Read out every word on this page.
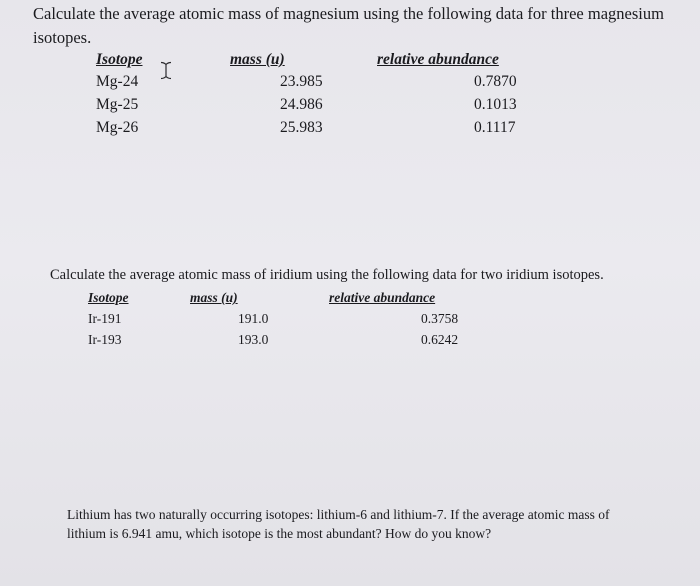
Calculate the average atomic mass of magnesium using the following data for three magnesium isotopes.
Isotope	mass (u)	relative abundance
Mg-24	23.985	0.7870
Mg-25	24.986	0.1013
Mg-26	25.983	0.1117
Calculate the average atomic mass of iridium using the following data for two iridium isotopes.
Isotope	mass (u)	relative abundance
Ir-191	191.0	0.3758
Ir-193	193.0	0.6242
Lithium has two naturally occurring isotopes: lithium-6 and lithium-7. If the average atomic mass of lithium is 6.941 amu, which isotope is the most abundant? How do you know?
